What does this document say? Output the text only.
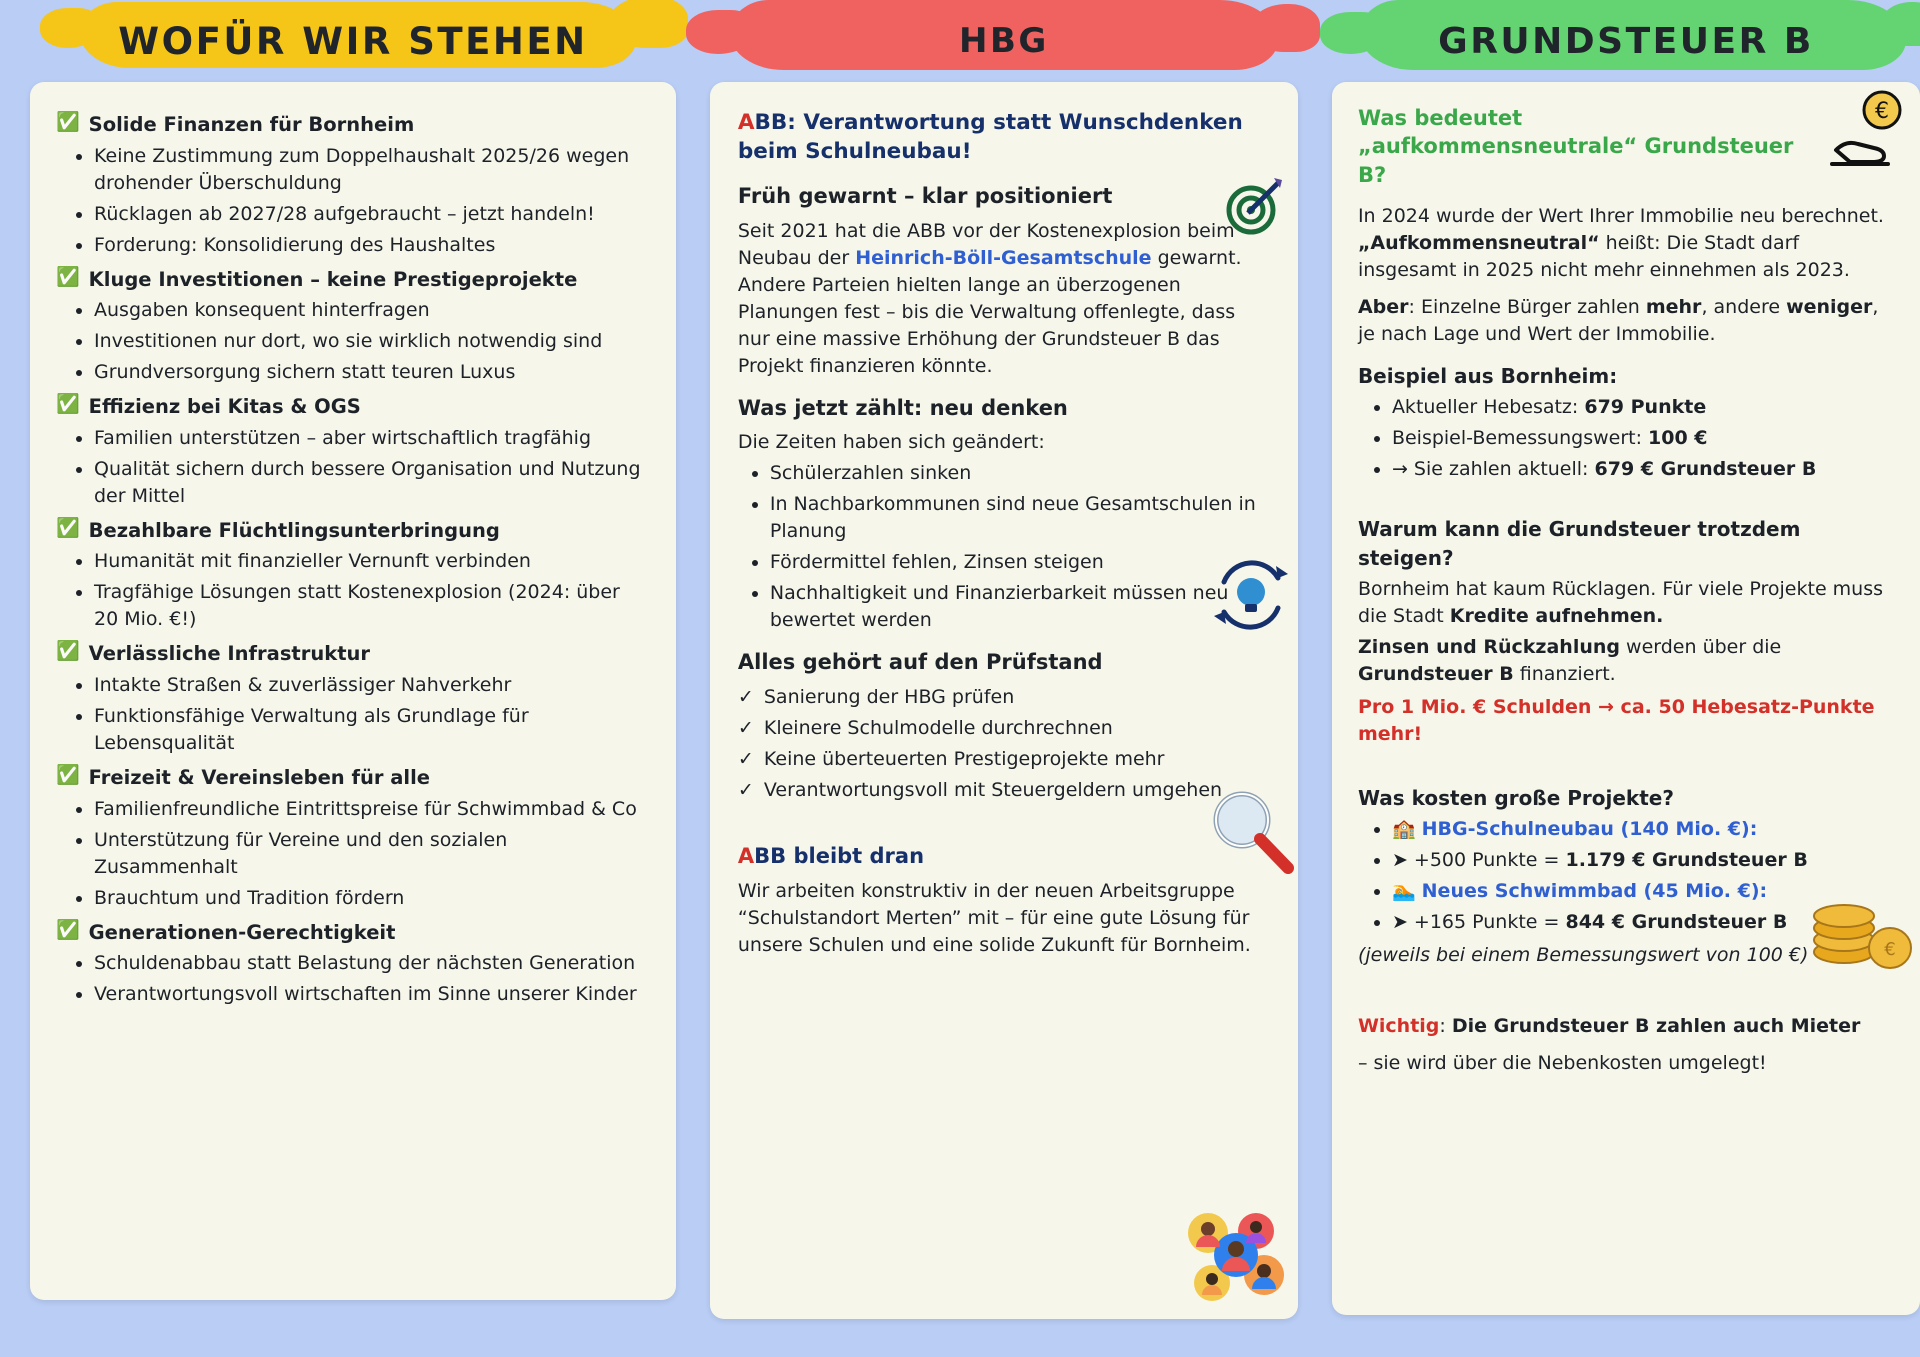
WOFÜR WIR STEHEN
✅ Solide Finanzen für Bornheim
Keine Zustimmung zum Doppelhaushalt 2025/26 wegen drohender Überschuldung
Rücklagen ab 2027/28 aufgebraucht – jetzt handeln!
Forderung: Konsolidierung des Haushaltes
✅ Kluge Investitionen – keine Prestigeprojekte
Ausgaben konsequent hinterfragen
Investitionen nur dort, wo sie wirklich notwendig sind
Grundversorgung sichern statt teuren Luxus
✅ Effizienz bei Kitas & OGS
Familien unterstützen – aber wirtschaftlich tragfähig
Qualität sichern durch bessere Organisation und Nutzung der Mittel
✅ Bezahlbare Flüchtlingsunterbringung
Humanität mit finanzieller Vernunft verbinden
Tragfähige Lösungen statt Kostenexplosion (2024: über 20 Mio. €!)
✅ Verlässliche Infrastruktur
Intakte Straßen & zuverlässiger Nahverkehr
Funktionsfähige Verwaltung als Grundlage für Lebensqualität
✅ Freizeit & Vereinsleben für alle
Familienfreundliche Eintrittspreise für Schwimmbad & Co
Unterstützung für Vereine und den sozialen Zusammenhalt
Brauchtum und Tradition fördern
✅ Generationen-Gerechtigkeit
Schuldenabbau statt Belastung der nächsten Generation
Verantwortungsvoll wirtschaften im Sinne unserer Kinder
HBG
ABB: Verantwortung statt Wunschdenken beim Schulneubau!
Früh gewarnt – klar positioniert
Seit 2021 hat die ABB vor der Kostenexplosion beim Neubau der Heinrich-Böll-Gesamtschule gewarnt. Andere Parteien hielten lange an überzogenen Planungen fest – bis die Verwaltung offenlegte, dass nur eine massive Erhöhung der Grundsteuer B das Projekt finanzieren könnte.
Was jetzt zählt: neu denken
Die Zeiten haben sich geändert:
Schülerzahlen sinken
In Nachbarkommunen sind neue Gesamtschulen in Planung
Fördermittel fehlen, Zinsen steigen
Nachhaltigkeit und Finanzierbarkeit müssen neu bewertet werden
Alles gehört auf den Prüfstand
✓ Sanierung der HBG prüfen
✓ Kleinere Schulmodelle durchrechnen
✓ Keine überteuerten Prestigeprojekte mehr
✓ Verantwortungsvoll mit Steuergeldern umgehen
ABB bleibt dran
Wir arbeiten konstruktiv in der neuen Arbeitsgruppe “Schulstandort Merten” mit – für eine gute Lösung für unsere Schulen und eine solide Zukunft für Bornheim.
GRUNDSTEUER B
€
Was bedeutet „aufkommensneutrale“ Grundsteuer B?
In 2024 wurde der Wert Ihrer Immobilie neu berechnet. „Aufkommensneutral“ heißt: Die Stadt darf insgesamt in 2025 nicht mehr einnehmen als 2023.
Aber: Einzelne Bürger zahlen mehr, andere weniger, je nach Lage und Wert der Immobilie.
Beispiel aus Bornheim:
Aktueller Hebesatz: 679 Punkte
Beispiel-Bemessungswert: 100 €
→ Sie zahlen aktuell: 679 € Grundsteuer B
Warum kann die Grundsteuer trotzdem steigen?
Bornheim hat kaum Rücklagen. Für viele Projekte muss die Stadt Kredite aufnehmen.
Zinsen und Rückzahlung werden über die Grundsteuer B finanziert.
Pro 1 Mio. € Schulden → ca. 50 Hebesatz-Punkte mehr!
€
Was kosten große Projekte?
🏫 HBG-Schulneubau (140 Mio. €):
➤ +500 Punkte = 1.179 € Grundsteuer B
🏊 Neues Schwimmbad (45 Mio. €):
➤ +165 Punkte = 844 € Grundsteuer B
(jeweils bei einem Bemessungswert von 100 €)
Wichtig: Die Grundsteuer B zahlen auch Mieter
– sie wird über die Nebenkosten umgelegt!
